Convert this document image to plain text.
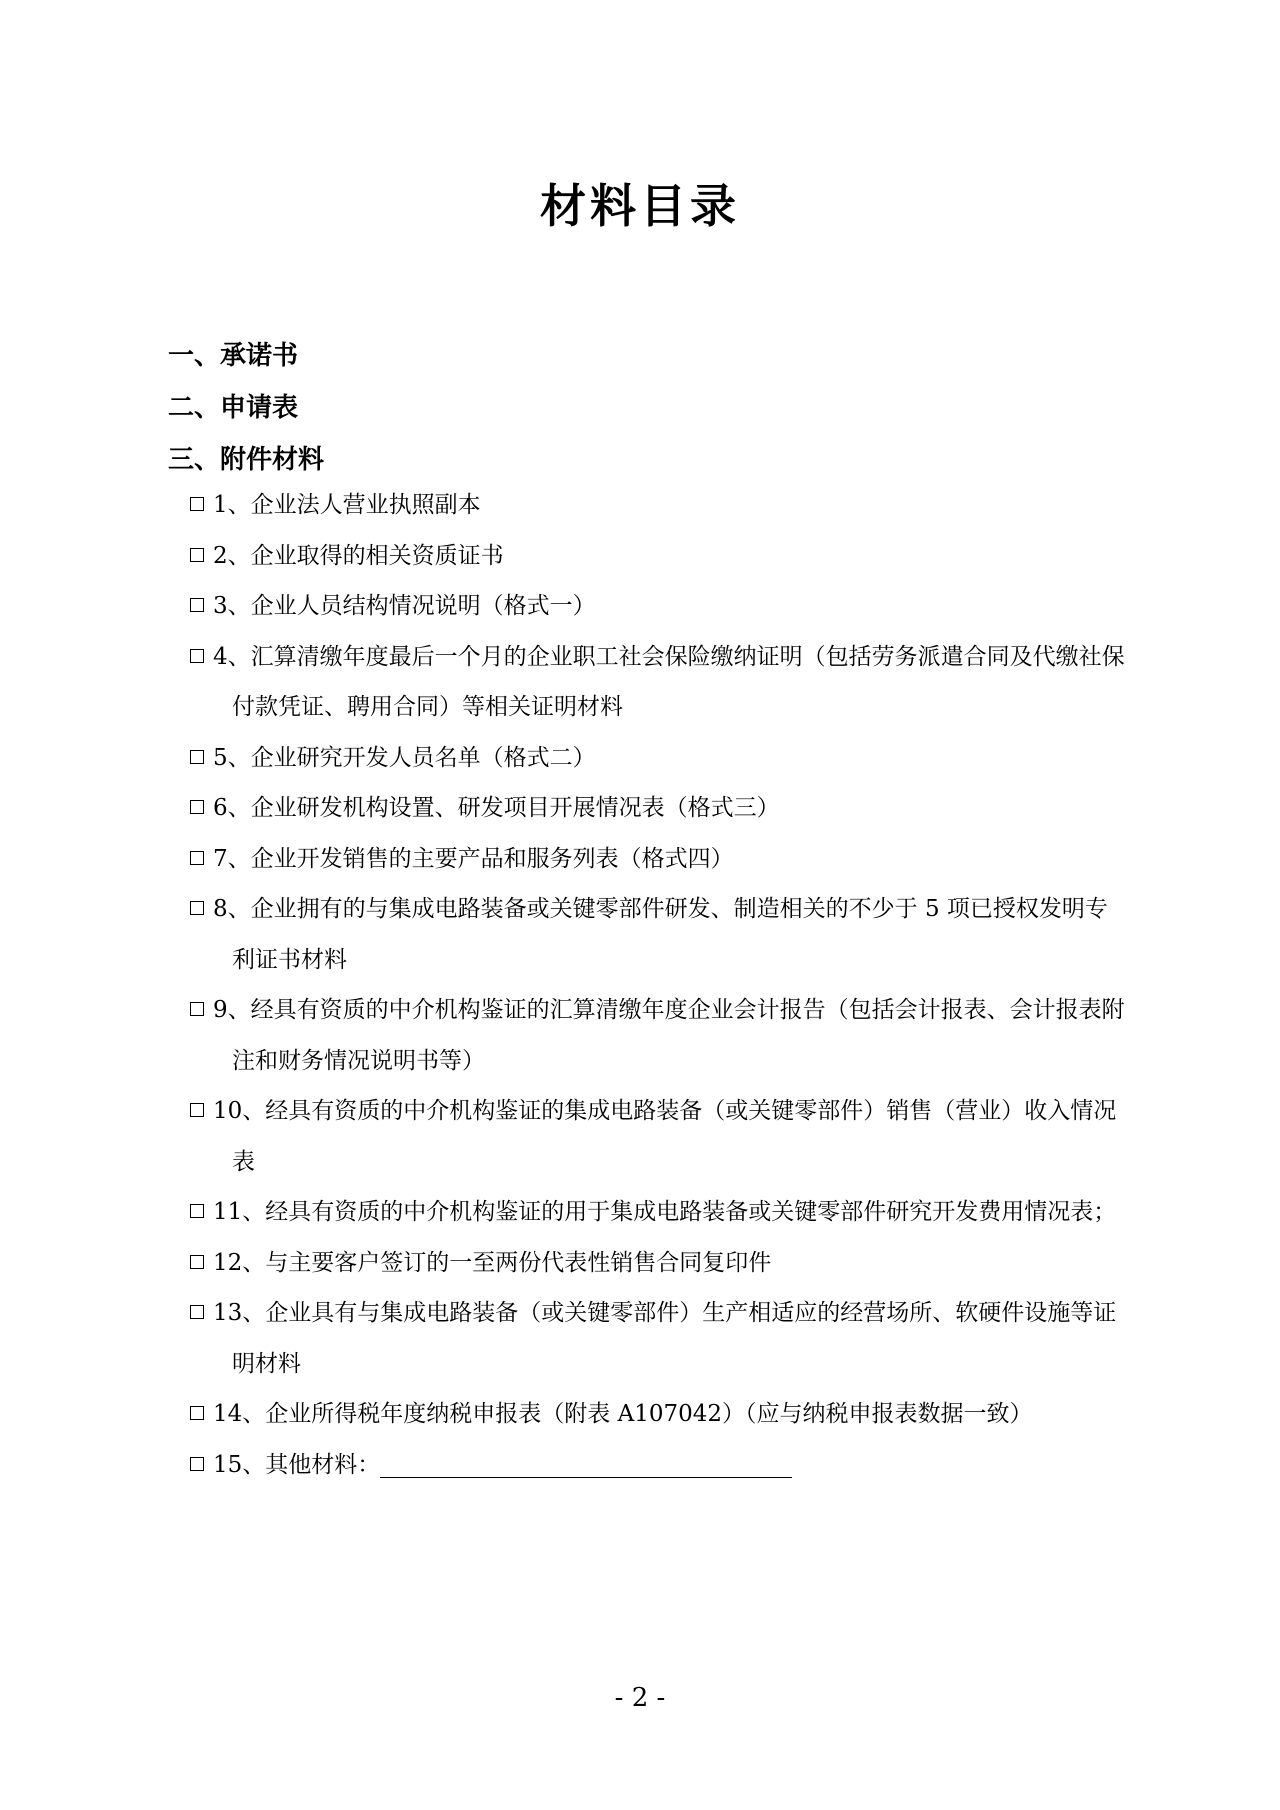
材料目录
一、承诺书
二、申请表
三、附件材料
1、企业法人营业执照副本
2、企业取得的相关资质证书
3、企业人员结构情况说明（格式一）
4、汇算清缴年度最后一个月的企业职工社会保险缴纳证明（包括劳务派遣合同及代缴社保付款凭证、聘用合同）等相关证明材料
5、企业研究开发人员名单（格式二）
6、企业研发机构设置、研发项目开展情况表（格式三）
7、企业开发销售的主要产品和服务列表（格式四）
8、企业拥有的与集成电路装备或关键零部件研发、制造相关的不少于 5 项已授权发明专利证书材料
9、经具有资质的中介机构鉴证的汇算清缴年度企业会计报告（包括会计报表、会计报表附注和财务情况说明书等）
10、经具有资质的中介机构鉴证的集成电路装备（或关键零部件）销售（营业）收入情况表
11、经具有资质的中介机构鉴证的用于集成电路装备或关键零部件研究开发费用情况表；
12、与主要客户签订的一至两份代表性销售合同复印件
13、企业具有与集成电路装备（或关键零部件）生产相适应的经营场所、软硬件设施等证明材料
14、企业所得税年度纳税申报表（附表 A107042）（应与纳税申报表数据一致）
15、其他材料：
- 2 -
